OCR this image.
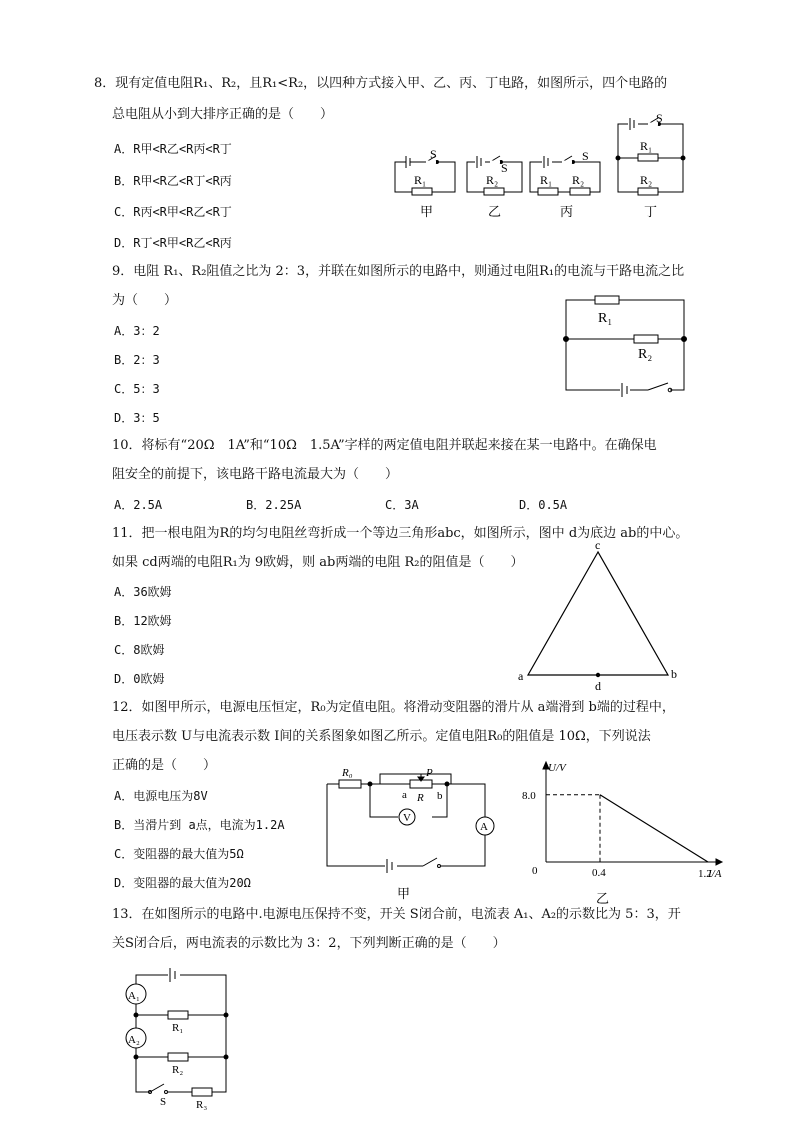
8．现有定值电阻R₁、R₂，且R₁<R₂，以四种方式接入甲、乙、丙、丁电路，如图所示，四个电路的
总电阻从小到大排序正确的是（　　）
A．R甲<R乙<R丙<R丁
B．R甲<R乙<R丁<R丙
C．R丙<R甲<R乙<R丁
D．R丁<R甲<R乙<R丙
S
R₁
甲
S
R₂
乙
S
R₁ R₂
丙
S
R₁
R₂
丁
9．电阻 R₁、R₂阻值之比为 2：3，并联在如图所示的电路中，则通过电阻R₁的电流与干路电流之比
为（　　）
A．3：2
B．2：3
C．5：3
D．3：5
R₁
R₂
10．将标有“20Ω　1A”和“10Ω　1.5A”字样的两定值电阻并联起来接在某一电路中。在确保电
阻安全的前提下，该电路干路电流最大为（　　）
A．2.5A	B．2.25A	C．3A	D．0.5A
11．把一根电阻为R的均匀电阻丝弯折成一个等边三角形abc，如图所示，图中 d为底边 ab的中心。
如果 cd两端的电阻R₁为 9欧姆，则 ab两端的电阻 R₂的阻值是（　　）
A．36欧姆
B．12欧姆
C．8欧姆
D．0欧姆
c
a	b
d
12．如图甲所示，电源电压恒定，R₀为定值电阻。将滑动变阻器的滑片从 a端滑到 b端的过程中，
电压表示数 U与电流表示数 I间的关系图象如图乙所示。定值电阻R₀的阻值是 10Ω，下列说法
正确的是（　　）
A．电源电压为8V
B．当滑片到 a点，电流为1.2A
C．变阻器的最大值为5Ω
D．变阻器的最大值为20Ω
R₀	P
a R b
V
A
甲
U/V
8.0
0	0.4	1.2
I/A
乙
13．在如图所示的电路中.电源电压保持不变，开关 S闭合前，电流表 A₁、A₂的示数比为 5：3，开
关S闭合后，两电流表的示数比为 3：2，下列判断正确的是（　　）
A₁
A₂
R₁
R₂
R₃
S
